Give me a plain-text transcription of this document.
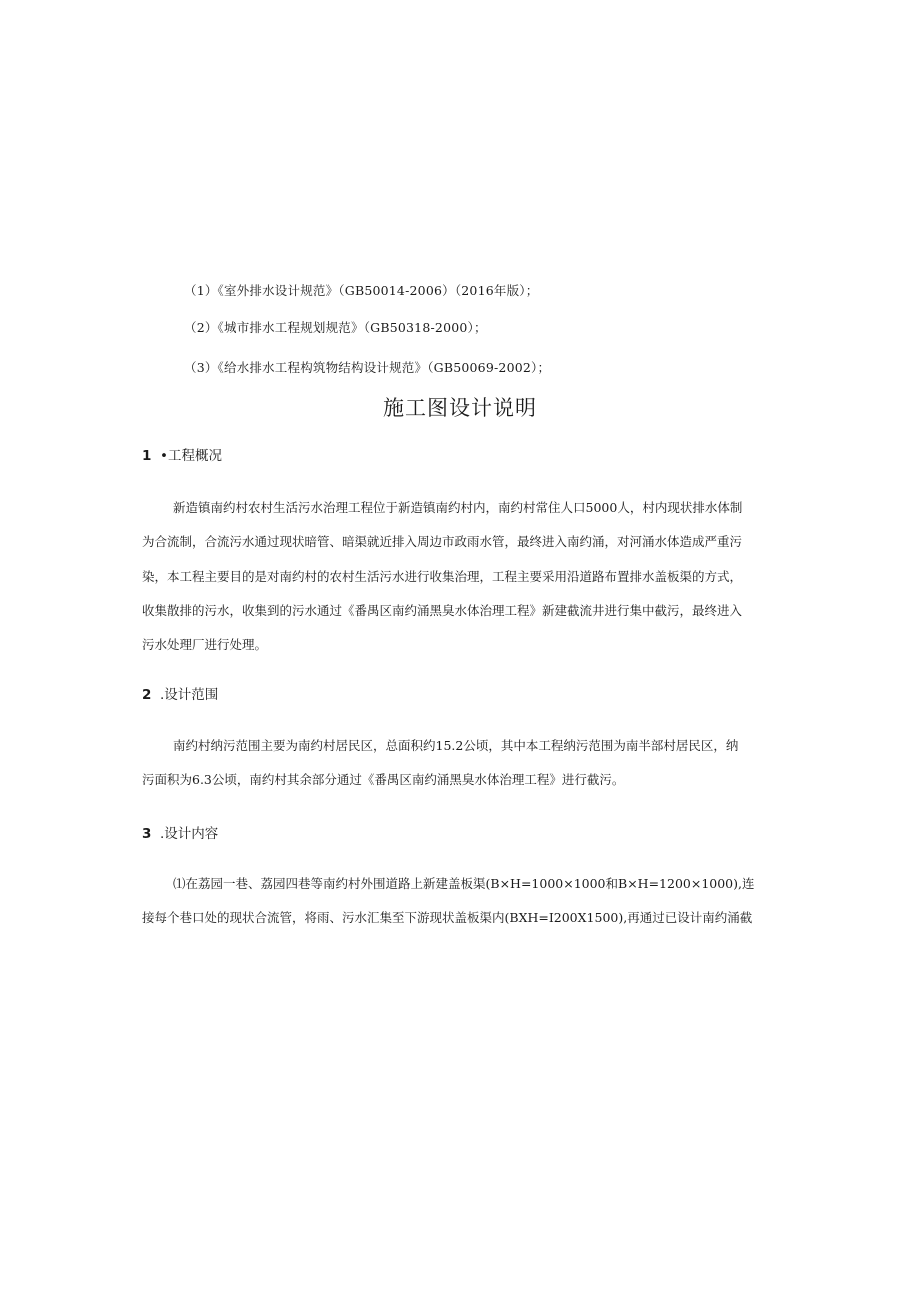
（1）《室外排水设计规范》（GB50014-2006）（2016年版）；
（2）《城市排水工程规划规范》（GB50318-2000）；
（3）《给水排水工程构筑物结构设计规范》（GB50069-2002）；
施工图设计说明
1 •工程概况
新造镇南约村农村生活污水治理工程位于新造镇南约村内，南约村常住人口5000人，村内现状排水体制
为合流制，合流污水通过现状暗管、暗渠就近排入周边市政雨水管，最终进入南约涌，对河涌水体造成严重污
染，本工程主要目的是对南约村的农村生活污水进行收集治理，工程主要采用沿道路布置排水盖板渠的方式，
收集散排的污水，收集到的污水通过《番禺区南约涌黑臭水体治理工程》新建截流井进行集中截污，最终进入
污水处理厂进行处理。
2 .设计范围
南约村纳污范围主要为南约村居民区，总面积约15.2公顷，其中本工程纳污范围为南半部村居民区，纳
污面积为6.3公顷，南约村其余部分通过《番禺区南约涌黑臭水体治理工程》进行截污。
3 .设计内容
⑴在荔园一巷、荔园四巷等南约村外围道路上新建盖板渠(B×H=1000×1000和B×H=1200×1000),连
接每个巷口处的现状合流管，将雨、污水汇集至下游现状盖板渠内(BXH=I200X1500),再通过已设计南约涌截
